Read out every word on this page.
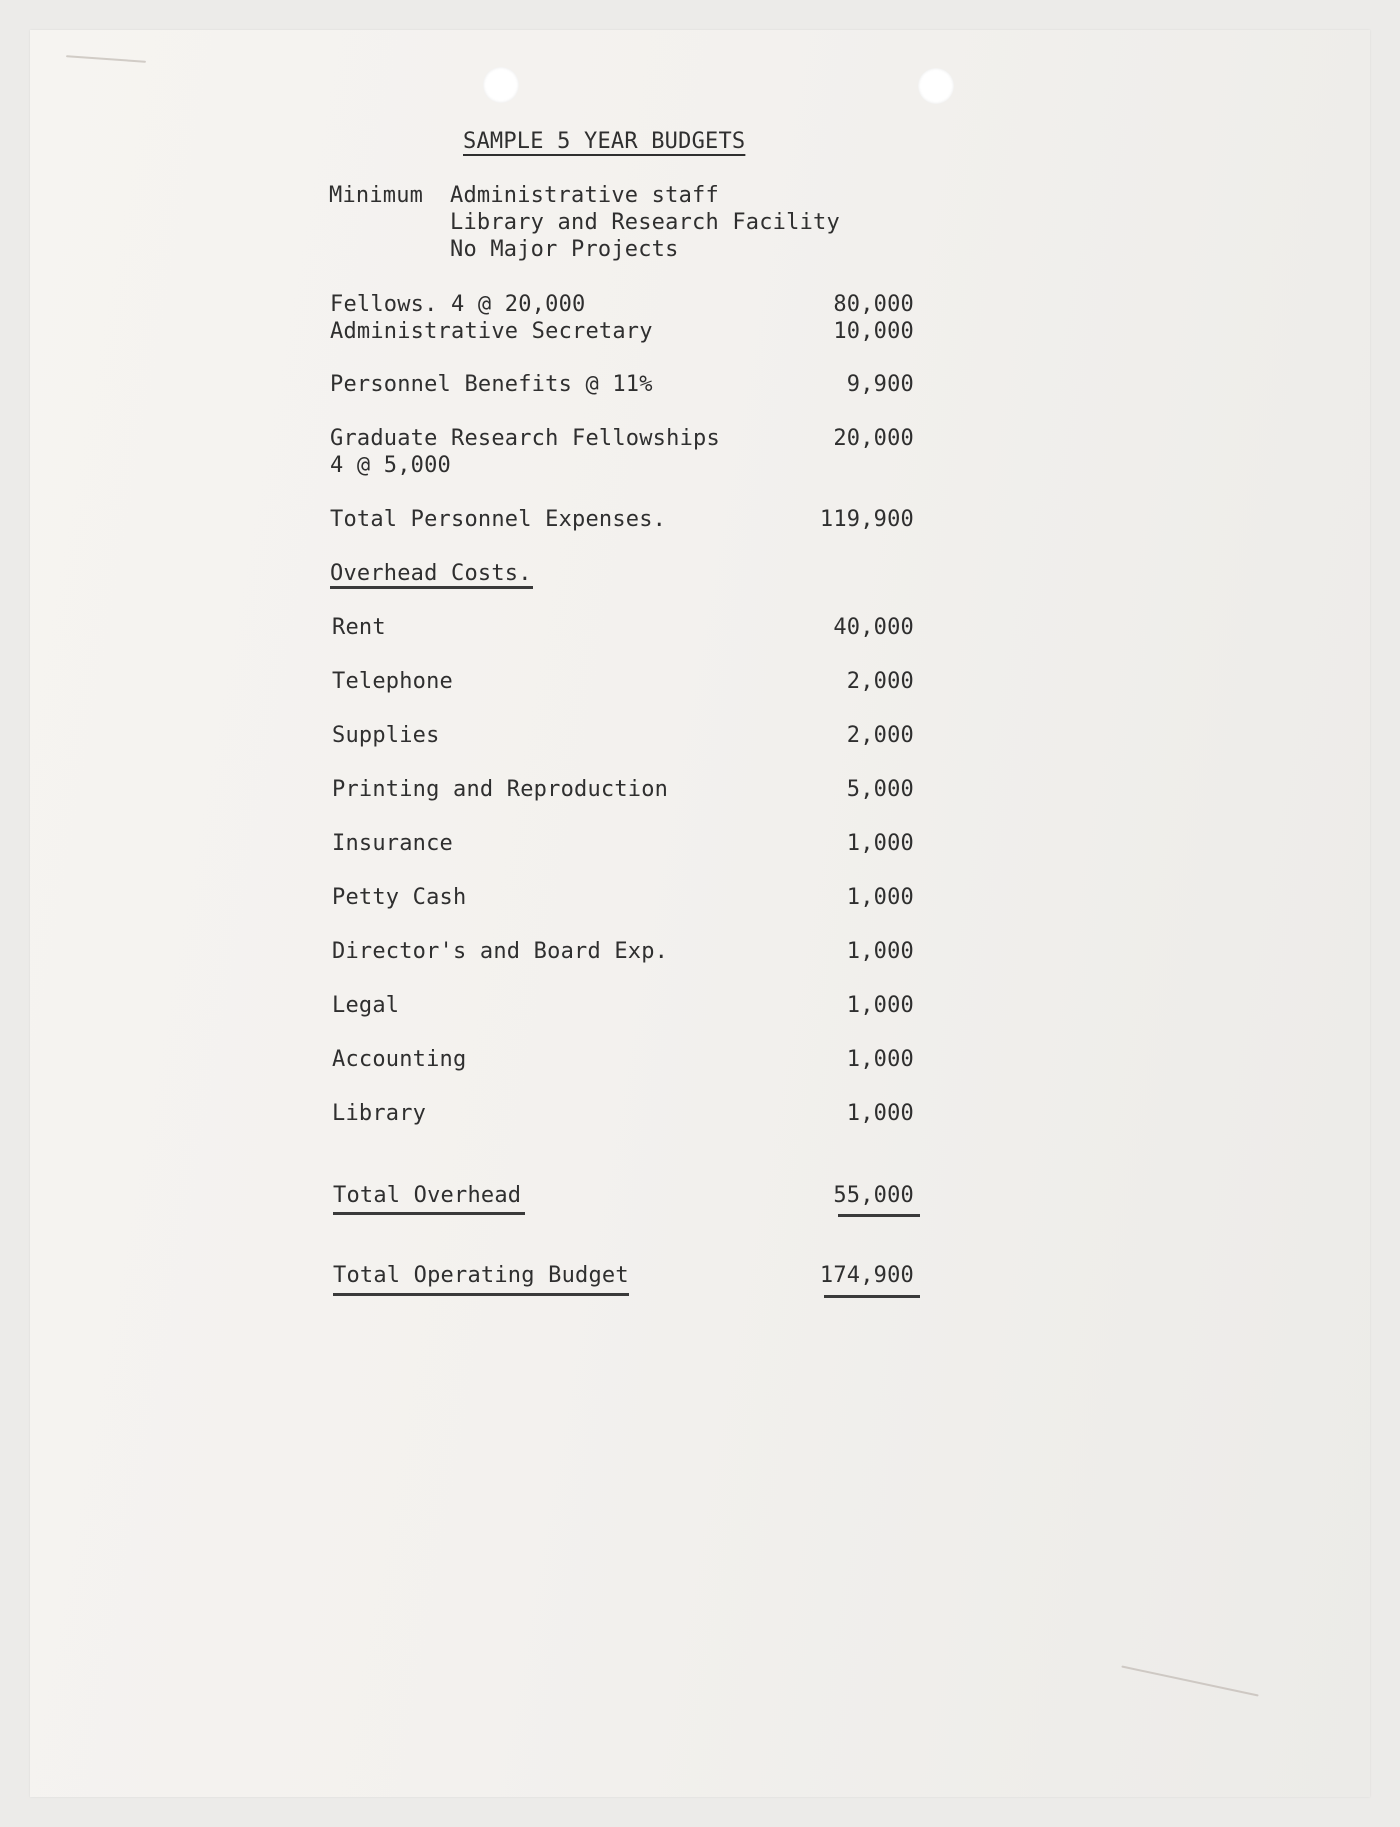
SAMPLE 5 YEAR BUDGETS
Minimum Administrative staff
Library and Research Facility
No Major Projects
Fellows. 4 @ 20,000	80,000
Administrative Secretary	10,000
Personnel Benefits @ 11%	9,900
Graduate Research Fellowships	20,000
4 @ 5,000
Total Personnel Expenses.	119,900
Overhead Costs.
Rent	40,000
Telephone	2,000
Supplies	2,000
Printing and Reproduction	5,000
Insurance	1,000
Petty Cash	1,000
Director's and Board Exp.	1,000
Legal	1,000
Accounting	1,000
Library	1,000
Total Overhead	55,000
Total Operating Budget	174,900
